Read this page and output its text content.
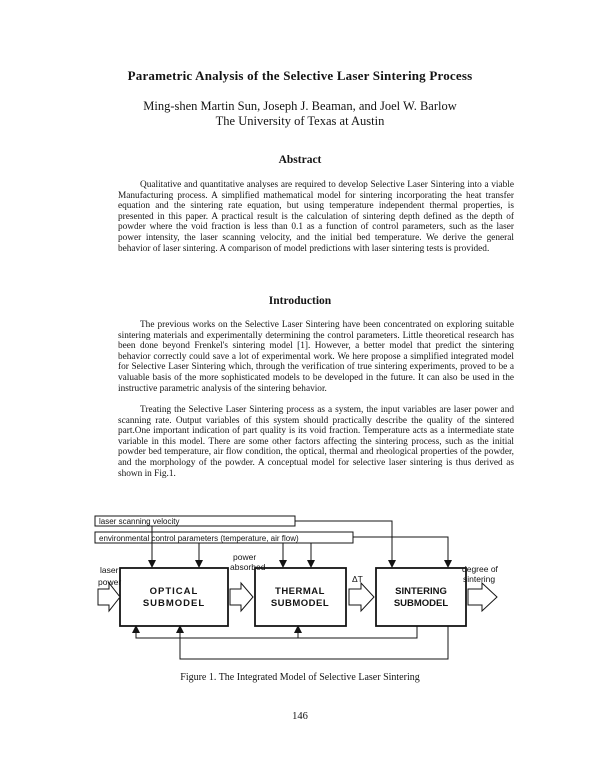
Parametric Analysis of the Selective Laser Sintering Process
Ming-shen Martin Sun, Joseph J. Beaman, and Joel W. Barlow
The University of Texas at Austin
Abstract

Qualitative and quantitative analyses are required to develop Selective Laser Sintering into a viable Manufacturing process. A simplified mathematical model for sintering incorporating the heat transfer equation and the sintering rate equation, but using temperature independent thermal properties, is presented in this paper. A practical result is the calculation of sintering depth defined as the depth of powder where the void fraction is less than 0.1 as a function of control parameters, such as the laser power intensity, the laser scanning velocity, and the initial bed temperature. We derive the general behavior of laser sintering. A comparison of model predictions with laser sintering tests is provided.

Introduction

The previous works on the Selective Laser Sintering have been concentrated on exploring suitable sintering materials and experimentally determining the control parameters. Little theoretical research has been done beyond Frenkel's sintering model [1]. However, a better model that predict the sintering behavior correctly could save a lot of experimental work. We here propose a simplified integrated model for Selective Laser Sintering which, through the verification of true sintering experiments, proved to be a valuable basis of the more sophisticated models to be developed in the future. It can also be used in the instructive parametric analysis of the sintering behavior.

Treating the Selective Laser Sintering process as a system, the input variables are laser power and scanning rate. Output variables of this system should practically describe the quality of the sintered part.One important indication of part quality is its void fraction. Temperature acts as a intermediate state variable in this model. There are some other factors affecting the sintering process, such as the initial powder bed temperature, air flow condition, the optical, thermal and rheological properties of the powder, and the morphology of the powder. A conceptual model for selective laser sintering is thus derived as shown in Fig.1.

laser scanning velocity
environmental control parameters (temperature, air flow)
laser
power
power
absorbed
ΔT
degree of
sintering
OPTICAL
SUBMODEL
THERMAL
SUBMODEL
SINTERING
SUBMODEL
Figure 1. The Integrated Model of Selective Laser Sintering
146
